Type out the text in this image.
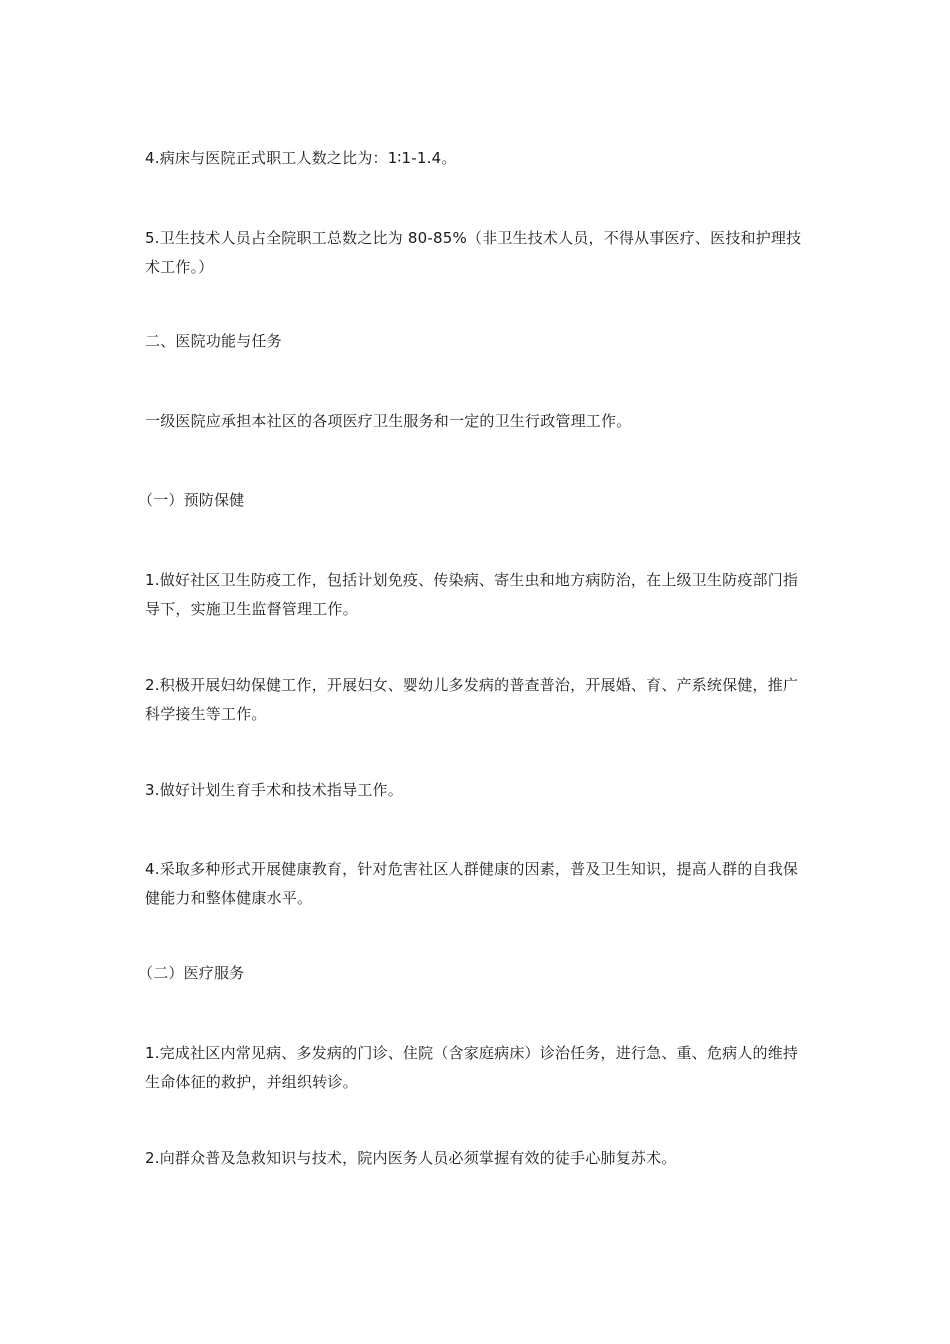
4.病床与医院正式职工人数之比为：1∶1-1.4。

5.卫生技术人员占全院职工总数之比为 80-85%（非卫生技术人员，不得从事医疗、医技和护理技术工作。）

二、医院功能与任务

一级医院应承担本社区的各项医疗卫生服务和一定的卫生行政管理工作。

（一）预防保健

1.做好社区卫生防疫工作，包括计划免疫、传染病、寄生虫和地方病防治，在上级卫生防疫部门指导下，实施卫生监督管理工作。

2.积极开展妇幼保健工作，开展妇女、婴幼儿多发病的普查普治，开展婚、育、产系统保健，推广科学接生等工作。

3.做好计划生育手术和技术指导工作。

4.采取多种形式开展健康教育，针对危害社区人群健康的因素，普及卫生知识，提高人群的自我保健能力和整体健康水平。

（二）医疗服务

1.完成社区内常见病、多发病的门诊、住院（含家庭病床）诊治任务，进行急、重、危病人的维持生命体征的救护，并组织转诊。

2.向群众普及急救知识与技术，院内医务人员必须掌握有效的徒手心肺复苏术。
